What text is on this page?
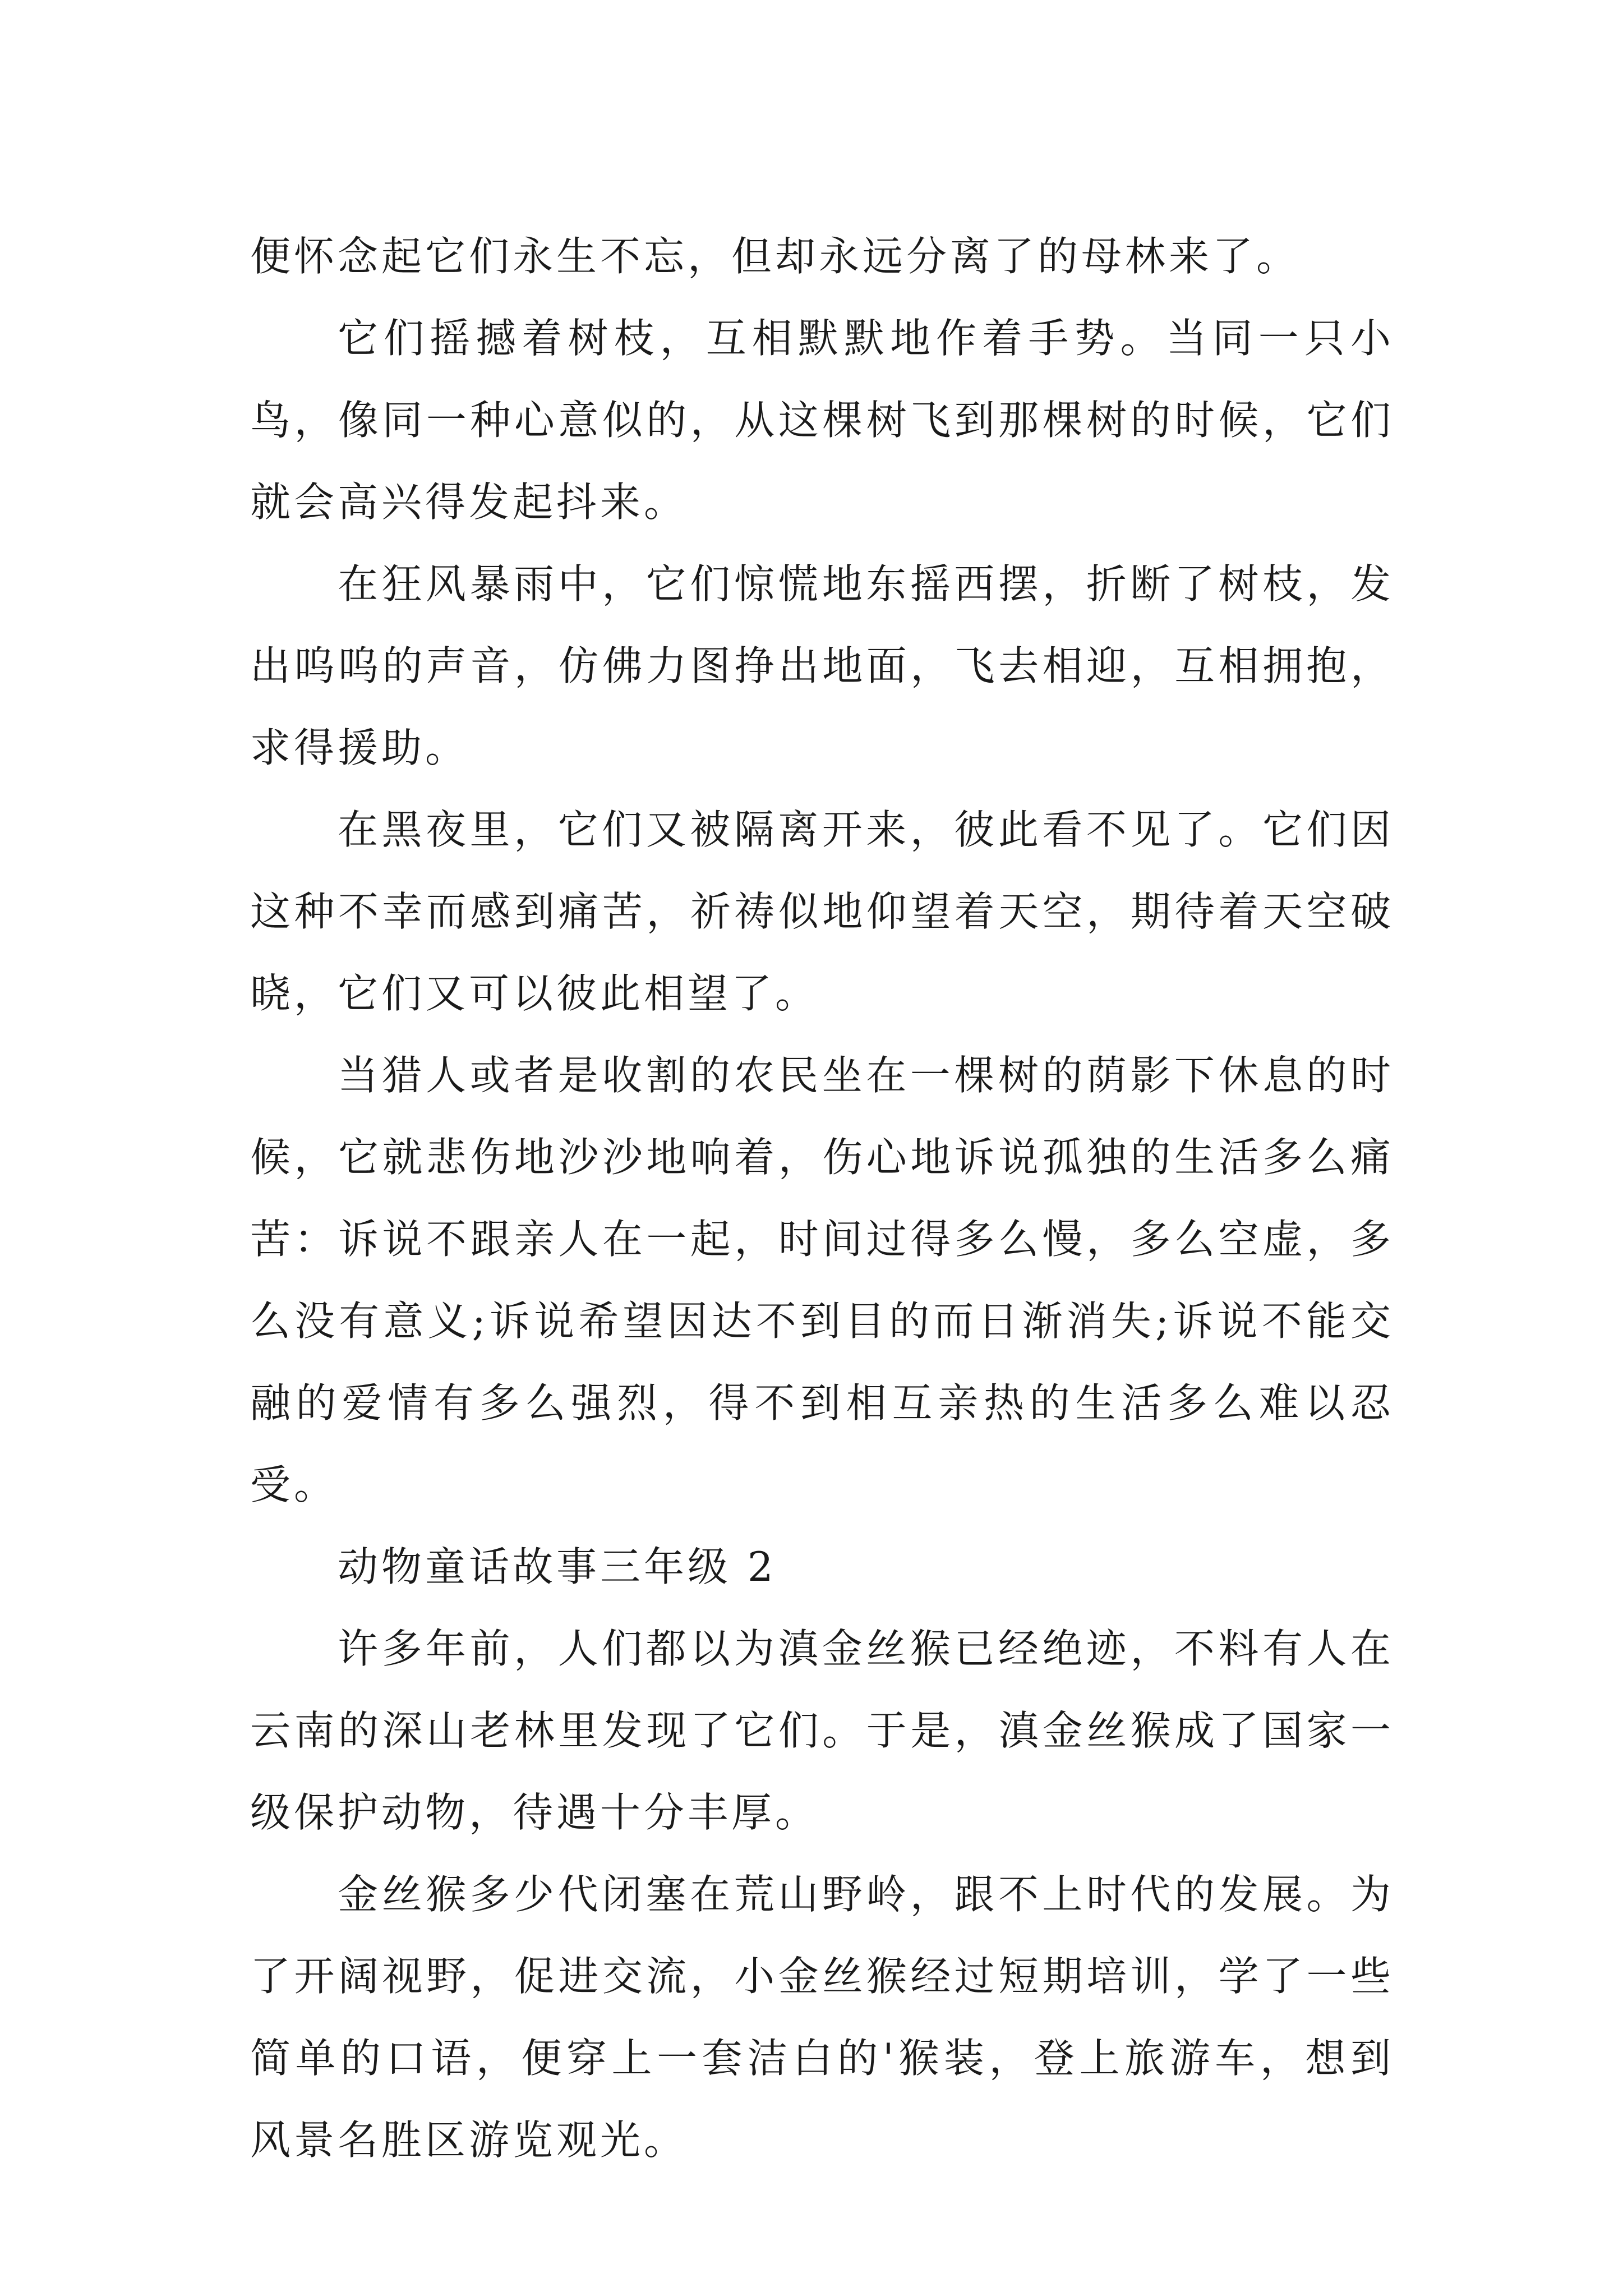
便怀念起它们永生不忘，但却永远分离了的母林来了。

它们摇撼着树枝，互相默默地作着手势。当同一只小鸟，像同一种心意似的，从这棵树飞到那棵树的时候，它们就会高兴得发起抖来。

在狂风暴雨中，它们惊慌地东摇西摆，折断了树枝，发出呜呜的声音，仿佛力图挣出地面，飞去相迎，互相拥抱，求得援助。

在黑夜里，它们又被隔离开来，彼此看不见了。它们因这种不幸而感到痛苦，祈祷似地仰望着天空，期待着天空破晓，它们又可以彼此相望了。

当猎人或者是收割的农民坐在一棵树的荫影下休息的时候，它就悲伤地沙沙地响着，伤心地诉说孤独的生活多么痛苦：诉说不跟亲人在一起，时间过得多么慢，多么空虚，多么没有意义;诉说希望因达不到目的而日渐消失;诉说不能交融的爱情有多么强烈，得不到相互亲热的生活多么难以忍受。

动物童话故事三年级 2

许多年前，人们都以为滇金丝猴已经绝迹，不料有人在云南的深山老林里发现了它们。于是，滇金丝猴成了国家一级保护动物，待遇十分丰厚。

金丝猴多少代闭塞在荒山野岭，跟不上时代的发展。为了开阔视野，促进交流，小金丝猴经过短期培训，学了一些简单的口语，便穿上一套洁白的'猴装，登上旅游车，想到风景名胜区游览观光。
